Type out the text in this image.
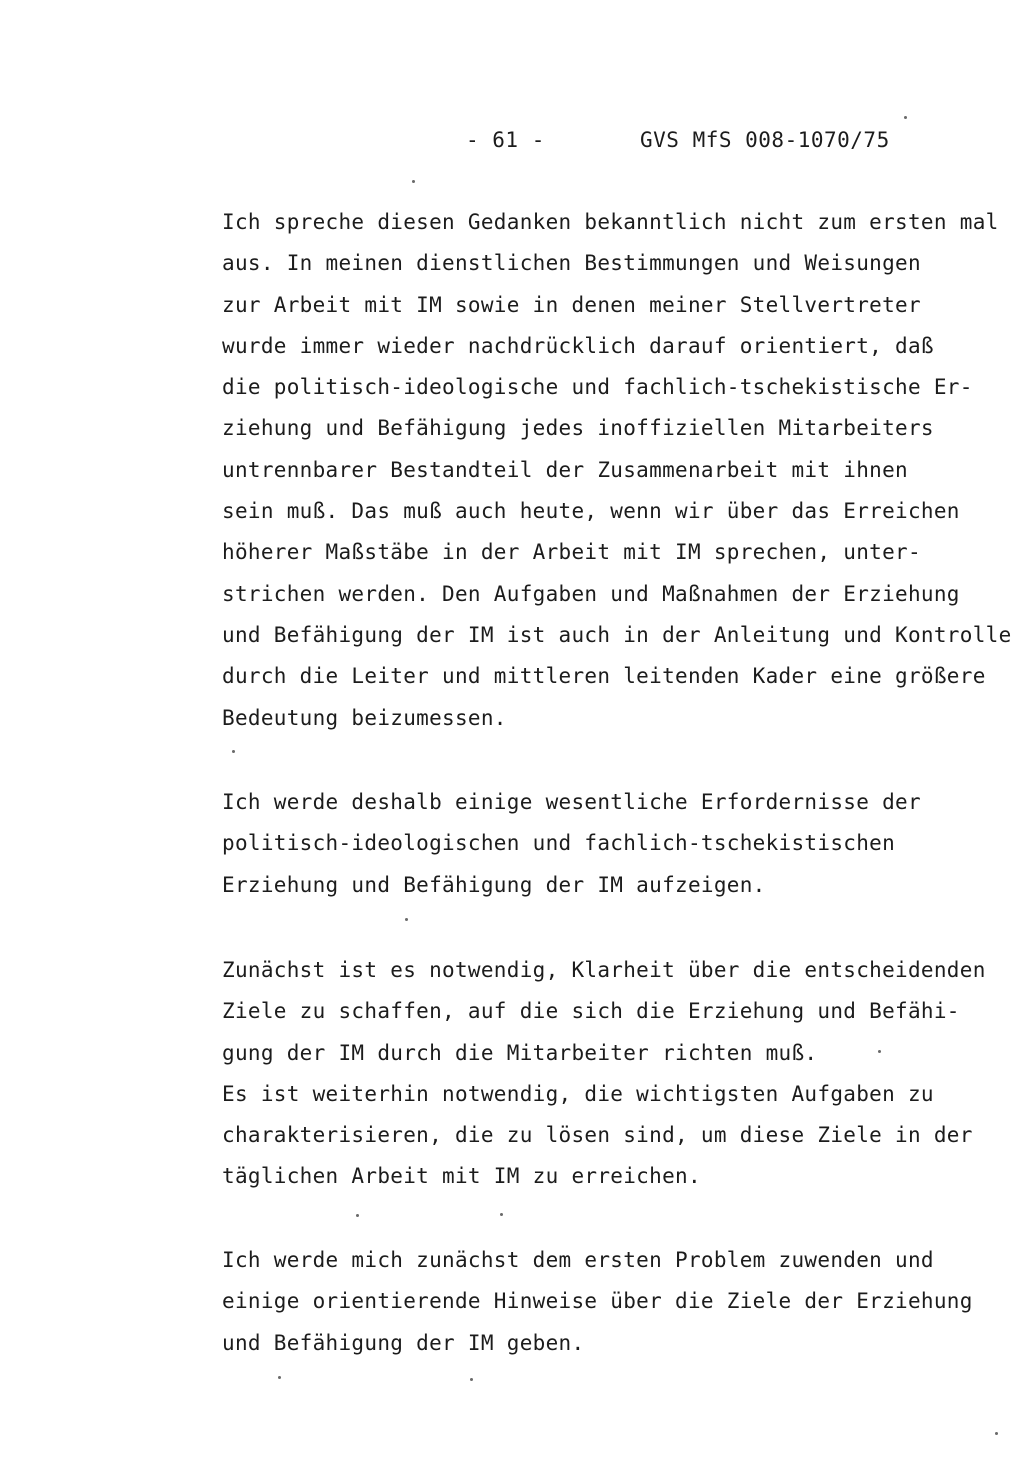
- 61 -	GVS MfS 008-1070/75
Ich spreche diesen Gedanken bekanntlich nicht zum ersten mal
aus. In meinen dienstlichen Bestimmungen und Weisungen
zur Arbeit mit IM sowie in denen meiner Stellvertreter
wurde immer wieder nachdrücklich darauf orientiert, daß
die politisch-ideologische und fachlich-tschekistische Er-
ziehung und Befähigung jedes inoffiziellen Mitarbeiters
untrennbarer Bestandteil der Zusammenarbeit mit ihnen
sein muß. Das muß auch heute, wenn wir über das Erreichen
höherer Maßstäbe in der Arbeit mit IM sprechen, unter-
strichen werden. Den Aufgaben und Maßnahmen der Erziehung
und Befähigung der IM ist auch in der Anleitung und Kontrolle
durch die Leiter und mittleren leitenden Kader eine größere
Bedeutung beizumessen.
Ich werde deshalb einige wesentliche Erfordernisse der
politisch-ideologischen und fachlich-tschekistischen
Erziehung und Befähigung der IM aufzeigen.
Zunächst ist es notwendig, Klarheit über die entscheidenden
Ziele zu schaffen, auf die sich die Erziehung und Befähi-
gung der IM durch die Mitarbeiter richten muß.
Es ist weiterhin notwendig, die wichtigsten Aufgaben zu
charakterisieren, die zu lösen sind, um diese Ziele in der
täglichen Arbeit mit IM zu erreichen.
Ich werde mich zunächst dem ersten Problem zuwenden und
einige orientierende Hinweise über die Ziele der Erziehung
und Befähigung der IM geben.
